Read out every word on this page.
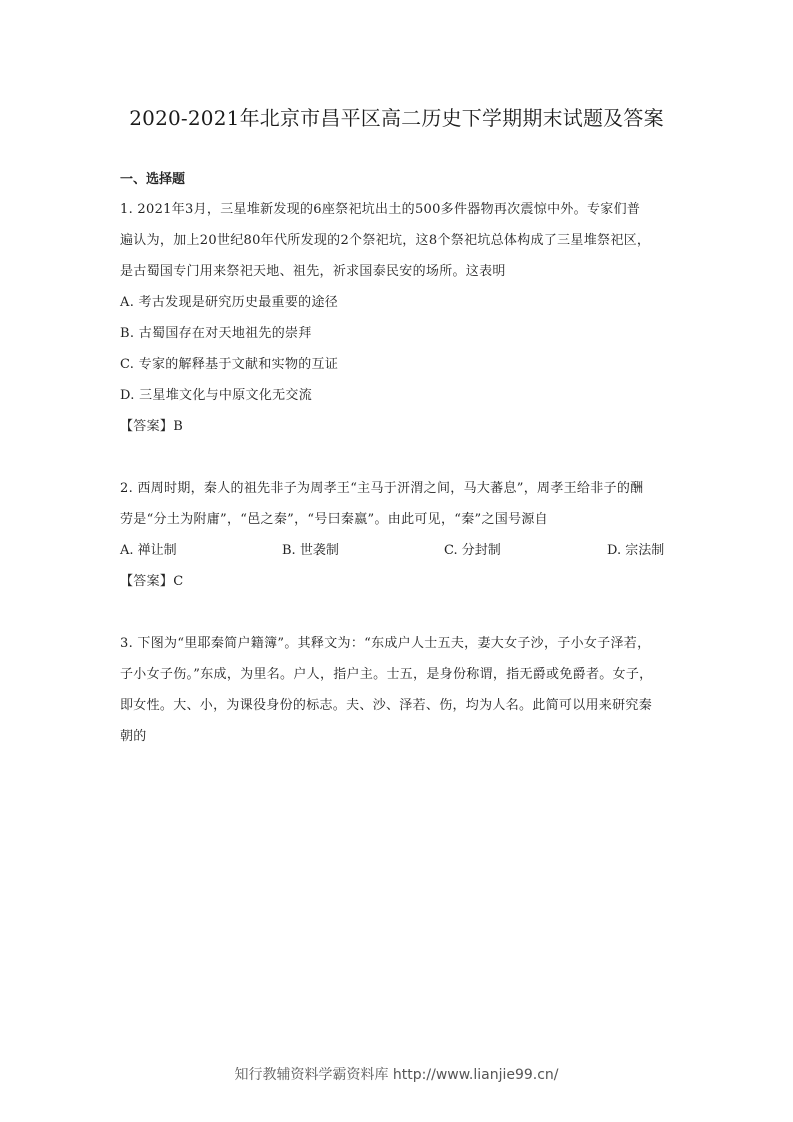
2020-2021年北京市昌平区高二历史下学期期末试题及答案
一、选择题
1. 2021年3月，三星堆新发现的6座祭祀坑出土的500多件器物再次震惊中外。专家们普
遍认为，加上20世纪80年代所发现的2个祭祀坑，这8个祭祀坑总体构成了三星堆祭祀区，
是古蜀国专门用来祭祀天地、祖先，祈求国泰民安的场所。这表明
A. 考古发现是研究历史最重要的途径
B. 古蜀国存在对天地祖先的崇拜
C. 专家的解释基于文献和实物的互证
D. 三星堆文化与中原文化无交流
【答案】B
2. 西周时期，秦人的祖先非子为周孝王“主马于汧渭之间，马大蕃息”，周孝王给非子的酬
劳是“分土为附庸”，“邑之秦”，“号曰秦嬴”。由此可见，“秦”之国号源自
A. 禅让制	B. 世袭制	C. 分封制	D. 宗法制
【答案】C
3. 下图为“里耶秦简户籍簿”。其释文为：“东成户人士五夫，妻大女子沙，子小女子泽若，
子小女子伤。”东成，为里名。户人，指户主。士五，是身份称谓，指无爵或免爵者。女子，
即女性。大、小，为课役身份的标志。夫、沙、泽若、伤，均为人名。此简可以用来研究秦
朝的
知行教辅资料学霸资料库 http://www.lianjie99.cn/
